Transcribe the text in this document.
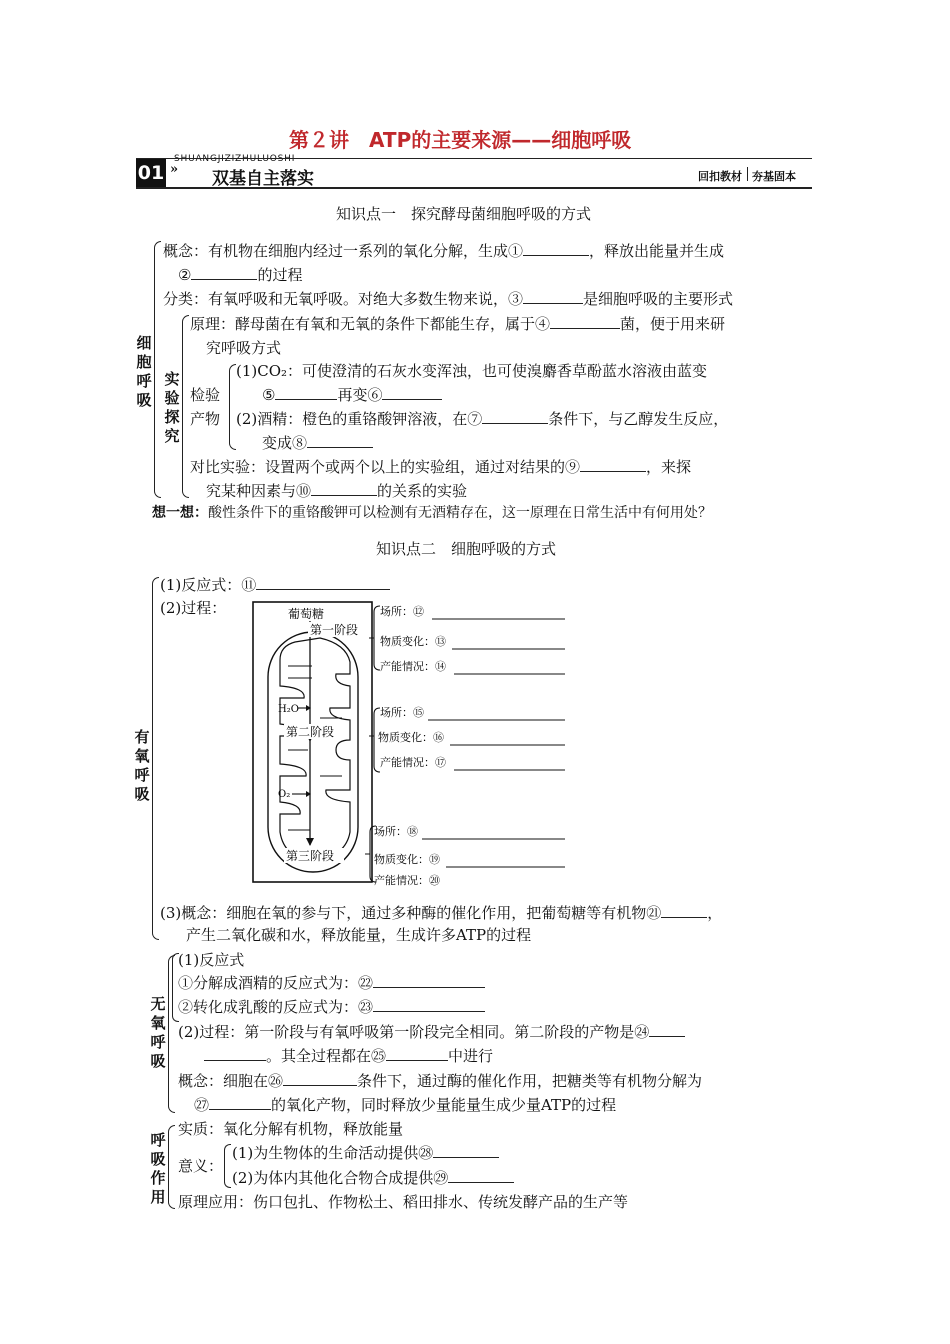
第２讲　ATP的主要来源——细胞呼吸
01 »
SHUANGJIZIZHULUOSHI
双基自主落实	回扣教材 夯基固本
知识点一　探究酵母菌细胞呼吸的方式
细胞呼吸
概念：有机物在细胞内经过一系列的氧化分解，生成①	，释放出能量并生成
②	的过程
分类：有氧呼吸和无氧呼吸。对绝大多数生物来说，③	是细胞呼吸的主要形式
实验探究
原理：酵母菌在有氧和无氧的条件下都能生存，属于④	菌，便于用来研
究呼吸方式
检验
产物
(1)CO₂：可使澄清的石灰水变浑浊，也可使溴麝香草酚蓝水溶液由蓝变
⑤	再变⑥
(2)酒精：橙色的重铬酸钾溶液，在⑦	条件下，与乙醇发生反应，
变成⑧
对比实验：设置两个或两个以上的实验组，通过对结果的⑨	，来探
究某种因素与⑩	的关系的实验
想一想：酸性条件下的重铬酸钾可以检测有无酒精存在，这一原理在日常生活中有何用处？
知识点二　细胞呼吸的方式
有氧呼吸
(1)反应式：⑪
(2)过程：	葡萄糖
第一阶段
H₂O
第二阶段
O₂
第三阶段
场所：⑫
物质变化：⑬
产能情况：⑭
场所：⑮
物质变化：⑯
产能情况：⑰
场所：⑱
物质变化：⑲
产能情况：⑳
(3)概念：细胞在氧的参与下，通过多种酶的催化作用，把葡萄糖等有机物㉑	，
产生二氧化碳和水，释放能量，生成许多ATP的过程
无氧呼吸
(1)反应式
①分解成酒精的反应式为：㉒
②转化成乳酸的反应式为：㉓
(2)过程：第一阶段与有氧呼吸第一阶段完全相同。第二阶段的产物是㉔
。其全过程都在㉕	中进行
概念：细胞在㉖	条件下，通过酶的催化作用，把糖类等有机物分解为
㉗	的氧化产物，同时释放少量能量生成少量ATP的过程
呼吸作用
实质：氧化分解有机物，释放能量
意义：
(1)为生物体的生命活动提供㉘
(2)为体内其他化合物合成提供㉙
原理应用：伤口包扎、作物松土、稻田排水、传统发酵产品的生产等
